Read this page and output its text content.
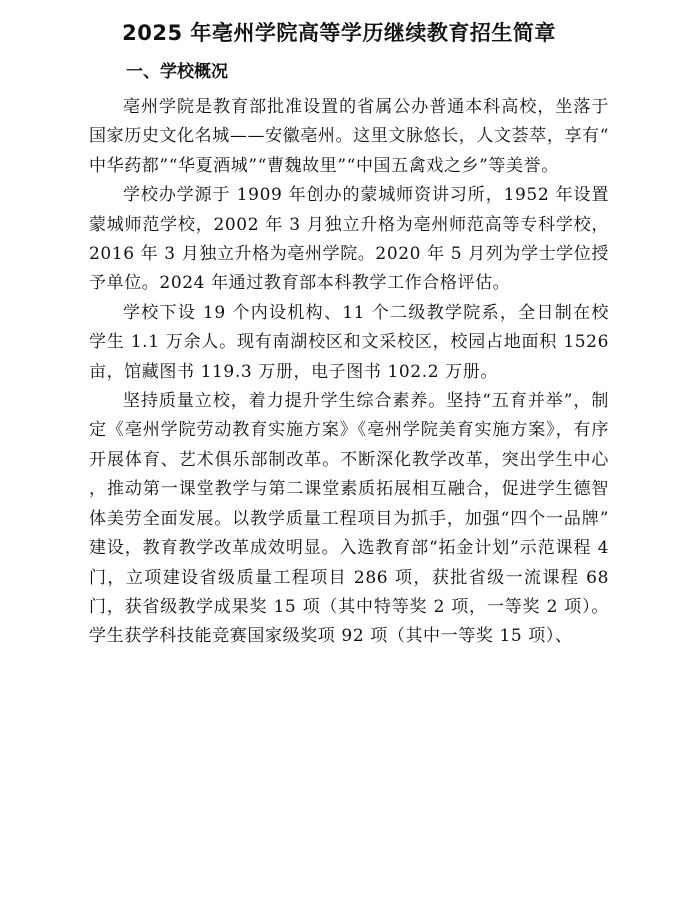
2025 年亳州学院高等学历继续教育招生简章
一、学校概况

亳州学院是教育部批准设置的省属公办普通本科高校，坐落于国家历史文化名城——安徽亳州。这里文脉悠长，人文荟萃，享有“中华药都”“华夏酒城”“曹魏故里”“中国五禽戏之乡”等美誉。

学校办学源于 1909 年创办的蒙城师资讲习所，1952 年设置蒙城师范学校，2002 年 3 月独立升格为亳州师范高等专科学校，2016 年 3 月独立升格为亳州学院。2020 年 5 月列为学士学位授予单位。2024 年通过教育部本科教学工作合格评估。

学校下设 19 个内设机构、11 个二级教学院系，全日制在校学生 1.1 万余人。现有南湖校区和文采校区，校园占地面积 1526 亩，馆藏图书 119.3 万册，电子图书 102.2 万册。

坚持质量立校，着力提升学生综合素养。坚持“五育并举”，制定《亳州学院劳动教育实施方案》《亳州学院美育实施方案》，有序开展体育、艺术俱乐部制改革。不断深化教学改革，突出学生中心，推动第一课堂教学与第二课堂素质拓展相互融合，促进学生德智体美劳全面发展。以教学质量工程项目为抓手，加强“四个一品牌”建设，教育教学改革成效明显。入选教育部“拓金计划”示范课程 4 门，立项建设省级质量工程项目 286 项，获批省级一流课程 68 门，获省级教学成果奖 15 项（其中特等奖 2 项，一等奖 2 项）。学生获学科技能竞赛国家级奖项 92 项（其中一等奖 15 项）、
